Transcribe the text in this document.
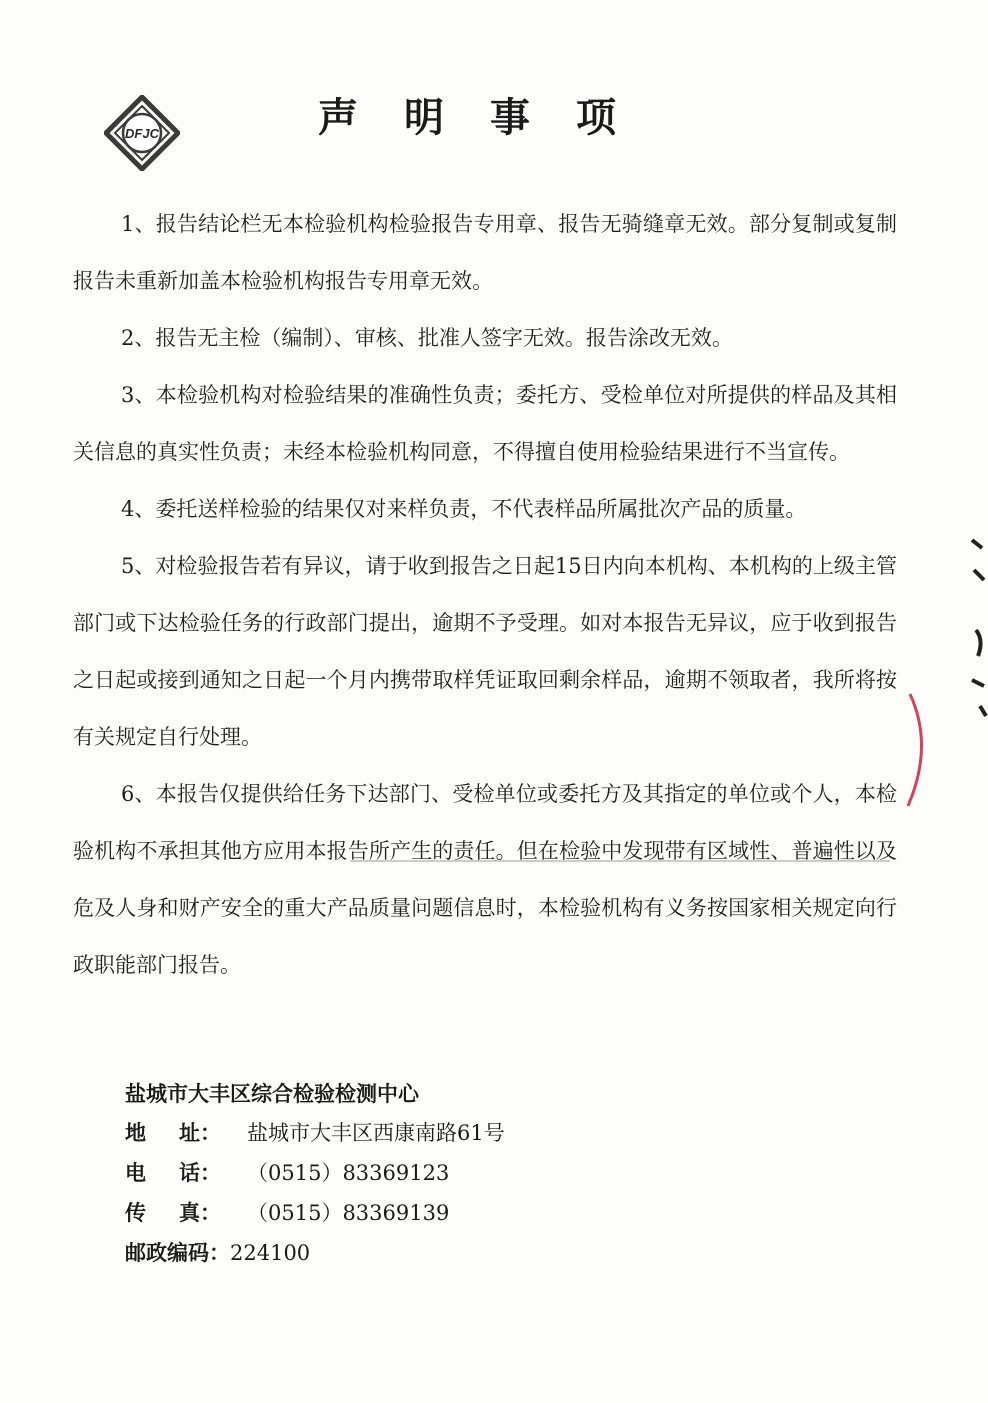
DFJC	声明事项

1、报告结论栏无本检验机构检验报告专用章、报告无骑缝章无效。部分复制或复制报告未重新加盖本检验机构报告专用章无效。

2、报告无主检（编制）、审核、批准人签字无效。报告涂改无效。

3、本检验机构对检验结果的准确性负责；委托方、受检单位对所提供的样品及其相关信息的真实性负责；未经本检验机构同意，不得擅自使用检验结果进行不当宣传。

4、委托送样检验的结果仅对来样负责，不代表样品所属批次产品的质量。

5、对检验报告若有异议，请于收到报告之日起15日内向本机构、本机构的上级主管部门或下达检验任务的行政部门提出，逾期不予受理。如对本报告无异议，应于收到报告之日起或接到通知之日起一个月内携带取样凭证取回剩余样品，逾期不领取者，我所将按有关规定自行处理。

6、本报告仅提供给任务下达部门、受检单位或委托方及其指定的单位或个人，本检验机构不承担其他方应用本报告所产生的责任。但在检验中发现带有区域性、普遍性以及危及人身和财产安全的重大产品质量问题信息时，本检验机构有义务按国家相关规定向行政职能部门报告。

盐城市大丰区综合检验检测中心
地 址： 盐城市大丰区西康南路61号
电 话： （0515）83369123
传 真： （0515）83369139
邮政编码：224100
